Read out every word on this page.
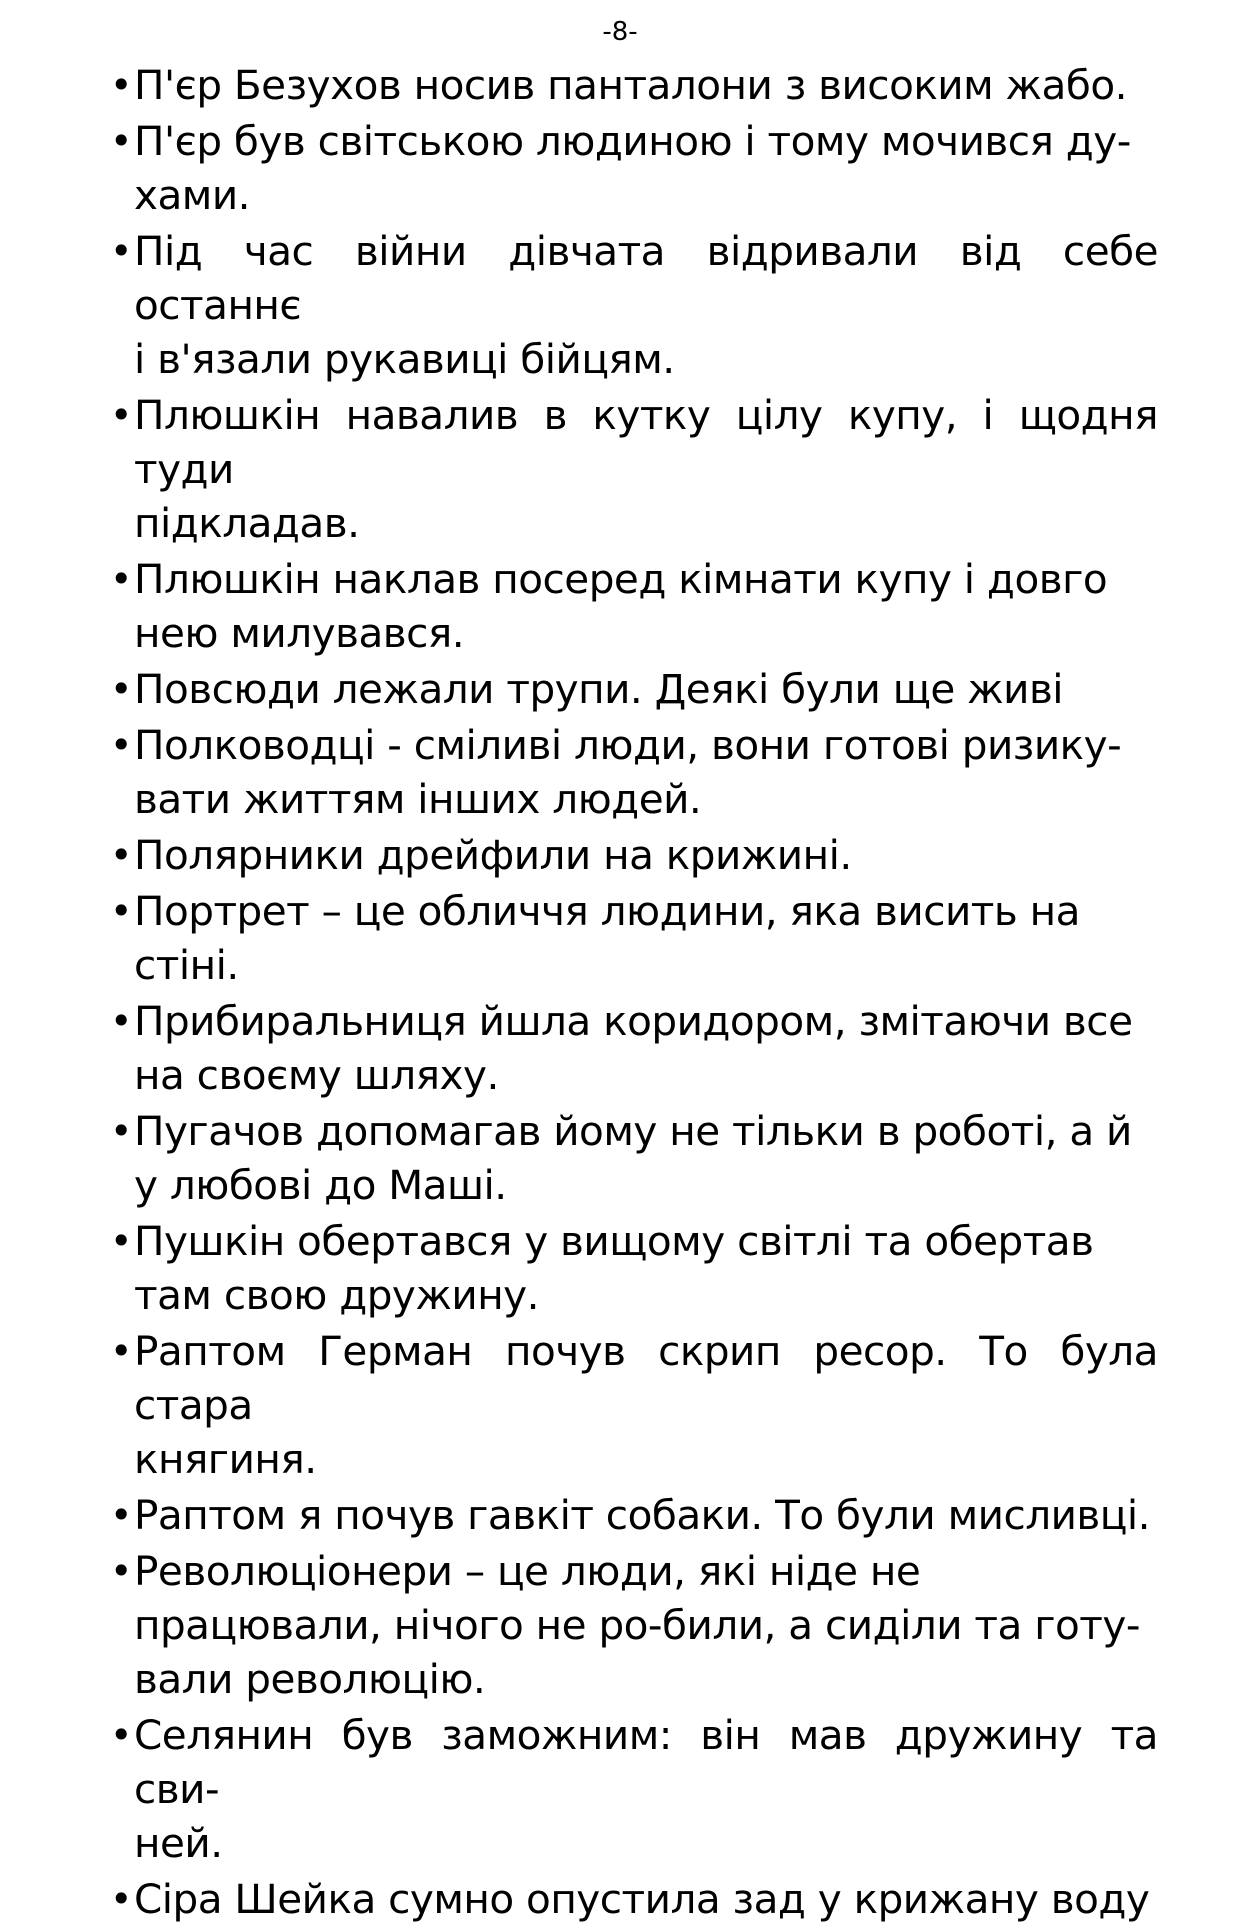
-8-
• П'єр Безухов носив панталони з високим жабо.
• П'єр був світською людиною і тому мочився ду-
хами.
• Під час війни дівчата відривали від себе останнє
і в'язали рукавиці бійцям.
• Плюшкін навалив в кутку цілу купу, і щодня туди
підкладав.
• Плюшкін наклав посеред кімнати купу і довго
нею милувався.
• Повсюди лежали трупи. Деякі були ще живі
• Полководці - сміливі люди, вони готові ризику-
вати життям інших людей.
• Полярники дрейфили на крижині.
• Портрет – це обличчя людини, яка висить на
стіні.
• Прибиральниця йшла коридором, змітаючи все
на своєму шляху.
• Пугачов допомагав йому не тільки в роботі, а й
у любові до Маші.
• Пушкін обертався у вищому світлі та обертав
там свою дружину.
• Раптом Герман почув скрип ресор. То була стара
княгиня.
• Раптом я почув гавкіт собаки. То були мисливці.
• Революціонери – це люди, які ніде не
працювали, нічого не ро-били, а сиділи та готу-
вали революцію.
• Селянин був заможним: він мав дружину та сви-
ней.
• Сіра Шейка сумно опустила зад у крижану воду
